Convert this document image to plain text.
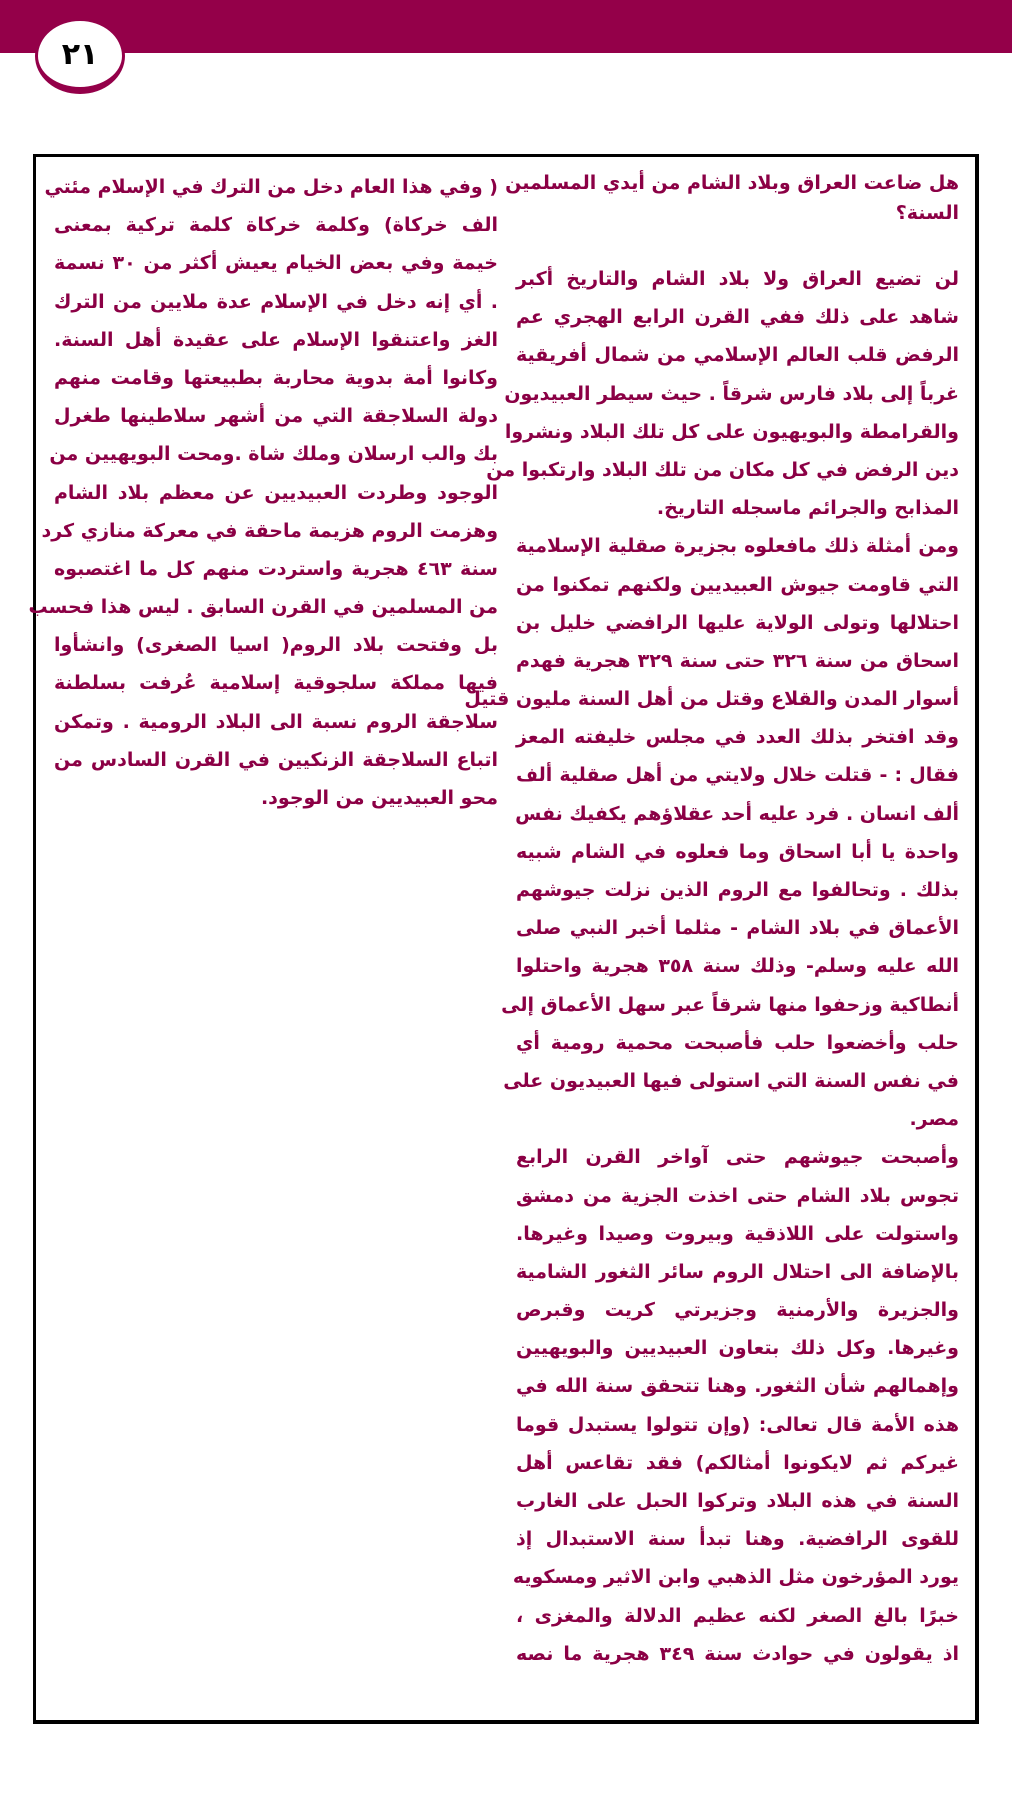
٢١
هل ضاعت العراق وبلاد الشام من أيدي المسلمين
السنة؟
لن تضيع العراق ولا بلاد الشام والتاريخ أكبر
شاهد على ذلك ففي القرن الرابع الهجري عم
الرفض قلب العالم الإسلامي من شمال أفريقية
غرباً إلى بلاد فارس شرقاً . حيث سيطر العبيديون
والقرامطة والبويهيون على كل تلك البلاد ونشروا
دين الرفض في كل مكان من تلك البلاد وارتكبوا من
المذابح والجرائم ماسجله التاريخ.
ومن أمثلة ذلك مافعلوه بجزيرة صقلية الإسلامية
التي قاومت جيوش العبيديين ولكنهم تمكنوا من
احتلالها وتولى الولاية عليها الرافضي خليل بن
اسحاق من سنة ٣٢٦ حتى سنة ٣٢٩ هجرية فهدم
أسوار المدن والقلاع وقتل من أهل السنة مليون قتيل
وقد افتخر بذلك العدد في مجلس خليفته المعز
فقال : - قتلت خلال ولايتي من أهل صقلية ألف
ألف انسان . فرد عليه أحد عقلاؤهم يكفيك نفس
واحدة يا أبا اسحاق وما فعلوه في الشام شبيه
بذلك . وتحالفوا مع الروم الذين نزلت جيوشهم
الأعماق في بلاد الشام - مثلما أخبر النبي صلى
الله عليه وسلم- وذلك سنة ٣٥٨ هجرية واحتلوا
أنطاكية وزحفوا منها شرقاً عبر سهل الأعماق إلى
حلب وأخضعوا حلب فأصبحت محمية رومية أي
في نفس السنة التي استولى فيها العبيديون على
مصر.
وأصبحت جيوشهم حتى آواخر القرن الرابع
تجوس بلاد الشام حتى اخذت الجزية من دمشق
واستولت على اللاذقية وبيروت وصيدا وغيرها.
بالإضافة الى احتلال الروم سائر الثغور الشامية
والجزيرة والأرمنية وجزيرتي كريت وقبرص
وغيرها. وكل ذلك بتعاون العبيديين والبويهيين
وإهمالهم شأن الثغور. وهنا تتحقق سنة الله في
هذه الأمة قال تعالى: (وإن تتولوا يستبدل قوما
غيركم ثم لايكونوا أمثالكم) فقد تقاعس أهل
السنة في هذه البلاد وتركوا الحبل على الغارب
للقوى الرافضية. وهنا تبدأ سنة الاستبدال إذ
يورد المؤرخون مثل الذهبي وابن الاثير ومسكويه
خبرًا بالغ الصغر لكنه عظيم الدلالة والمغزى ،
اذ يقولون في حوادث سنة ٣٤٩ هجرية ما نصه
( وفي هذا العام دخل من الترك في الإسلام مئتي
الف خركاة) وكلمة خركاة كلمة تركية بمعنى
خيمة وفي بعض الخيام يعيش أكثر من ٣٠ نسمة
. أي إنه دخل في الإسلام عدة ملايين من الترك
الغز واعتنقوا الإسلام على عقيدة أهل السنة.
وكانوا أمة بدوية محاربة بطبيعتها وقامت منهم
دولة السلاجقة التي من أشهر سلاطينها طغرل
بك والب ارسلان وملك شاة .ومحت البويهيين من
الوجود وطردت العبيديين عن معظم بلاد الشام
وهزمت الروم هزيمة ماحقة في معركة منازي كرد
سنة ٤٦٣ هجرية واستردت منهم كل ما اغتصبوه
من المسلمين في القرن السابق . ليس هذا فحسب
بل وفتحت بلاد الروم( اسيا الصغرى) وانشأوا
فيها مملكة سلجوقية إسلامية عُرفت بسلطنة
سلاجقة الروم نسبة الى البلاد الرومية . وتمكن
اتباع السلاجقة الزنكيين في القرن السادس من
محو العبيديين من الوجود.
